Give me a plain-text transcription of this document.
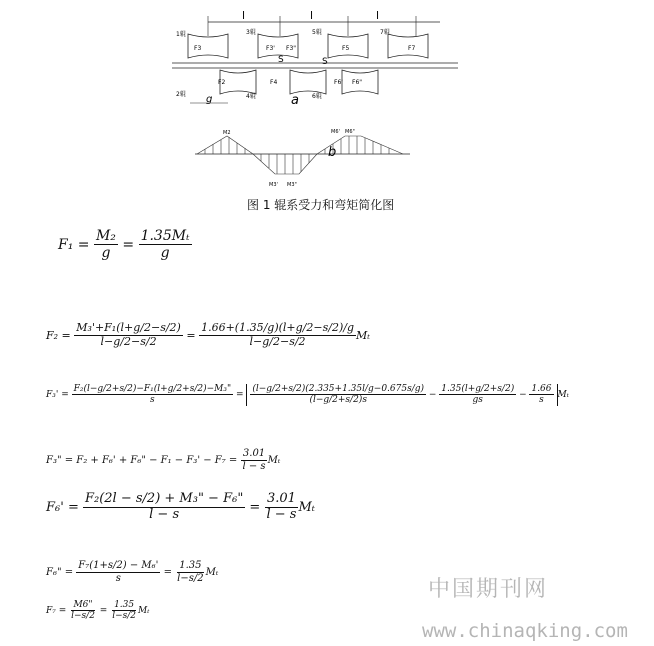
l	l	l
1辊	3辊	5辊	7辊
2辊	4辊	6辊
F3	F3' F3"	F5	F7
F2	F4	F6' F6"
S	S
g	a
M2	M6' M6"
M3' M3"
b
图 1 辊系受力和弯矩简化图
$F_1 = \frac{\text{M₂}}{g} = \frac{\text{1.35Mₜ}}{g}$
$F_2 = \frac{\text{M₃'+F₁(l+g/2−s/2)}}{l-g/2-s/2} = \frac{1.66+(1.35/g)(l+g/2-s/2)/g}{l-g/2-s/2}$ Mₜ
$F_3' = \frac{\text{F₂(l−g/2+s/2)−F₁(l+g/2+s/2)−M₃"}}{s} = \frac{(l-g/2+s/2)(2.335+1.35l/g-0.675s/g)}{(l-g/2+s/2)s} - \frac{1.35(l+g/2+s/2)}{gs} - \frac{1.66}{s}$ Mₜ
F₃" = F₂ + F₆' + F₆" − F₁ − F₃' − F₇ =
$\frac{3.01}{l - s}$ Mₜ
$F_6' = \frac{\text{F₂(2l − s/2) + M₃" − F₆"}}{l - s} = \frac{3.01}{l - s}$ Mₜ
F₆" = $\frac{\text{F₇(1+s/2) − M₆'}}{s} = \frac{1.35}{l-s/2}$ Mₜ
$F_7 = \frac{M6"}{l-s/2} = \frac{1.35}{l-s/2}$ Mₜ
中国期刊网
www.chinaqking.com
